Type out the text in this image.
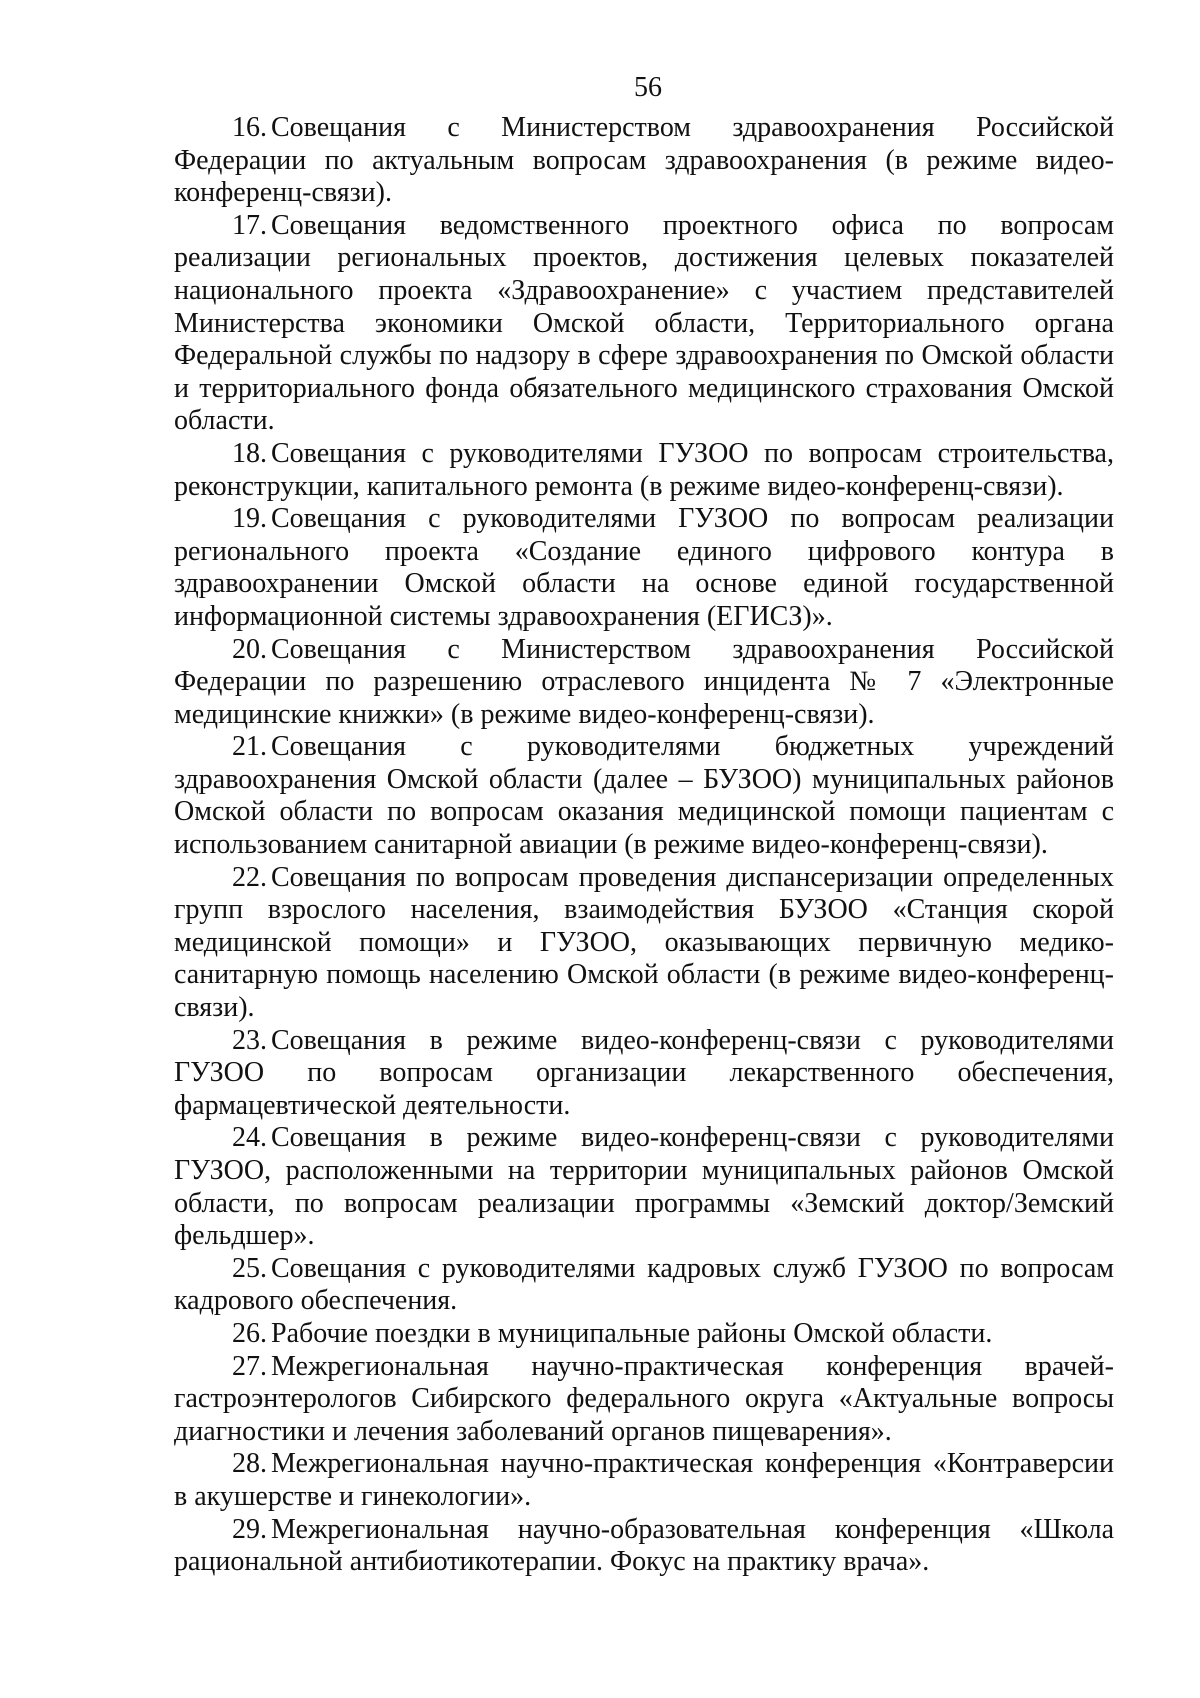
56

16. Совещания с Министерством здравоохранения Российской Федерации по актуальным вопросам здравоохранения (в режиме видео-конференц-связи).

17. Совещания ведомственного проектного офиса по вопросам реализации региональных проектов, достижения целевых показателей национального проекта «Здравоохранение» с участием представителей Министерства экономики Омской области, Территориального органа Федеральной службы по надзору в сфере здравоохранения по Омской области и территориального фонда обязательного медицинского страхования Омской области.

18. Совещания с руководителями ГУЗОО по вопросам строительства, реконструкции, капитального ремонта (в режиме видео-конференц-связи).

19. Совещания с руководителями ГУЗОО по вопросам реализации регионального проекта «Создание единого цифрового контура в здравоохранении Омской области на основе единой государственной информационной системы здравоохранения (ЕГИСЗ)».

20. Совещания с Министерством здравоохранения Российской Федерации по разрешению отраслевого инцидента № 7 «Электронные медицинские книжки» (в режиме видео-конференц-связи).

21. Совещания с руководителями бюджетных учреждений здравоохранения Омской области (далее – БУЗОО) муниципальных районов Омской области по вопросам оказания медицинской помощи пациентам с использованием санитарной авиации (в режиме видео-конференц-связи).

22. Совещания по вопросам проведения диспансеризации определенных групп взрослого населения, взаимодействия БУЗОО «Станция скорой медицинской помощи» и ГУЗОО, оказывающих первичную медико-санитарную помощь населению Омской области (в режиме видео-конференц-связи).

23. Совещания в режиме видео-конференц-связи с руководителями ГУЗОО по вопросам организации лекарственного обеспечения, фармацевтической деятельности.

24. Совещания в режиме видео-конференц-связи с руководителями ГУЗОО, расположенными на территории муниципальных районов Омской области, по вопросам реализации программы «Земский доктор/Земский фельдшер».

25. Совещания с руководителями кадровых служб ГУЗОО по вопросам кадрового обеспечения.

26. Рабочие поездки в муниципальные районы Омской области.

27. Межрегиональная научно-практическая конференция врачей-гастроэнтерологов Сибирского федерального округа «Актуальные вопросы диагностики и лечения заболеваний органов пищеварения».

28. Межрегиональная научно-практическая конференция «Контраверсии в акушерстве и гинекологии».

29. Межрегиональная научно-образовательная конференция «Школа рациональной антибиотикотерапии. Фокус на практику врача».
